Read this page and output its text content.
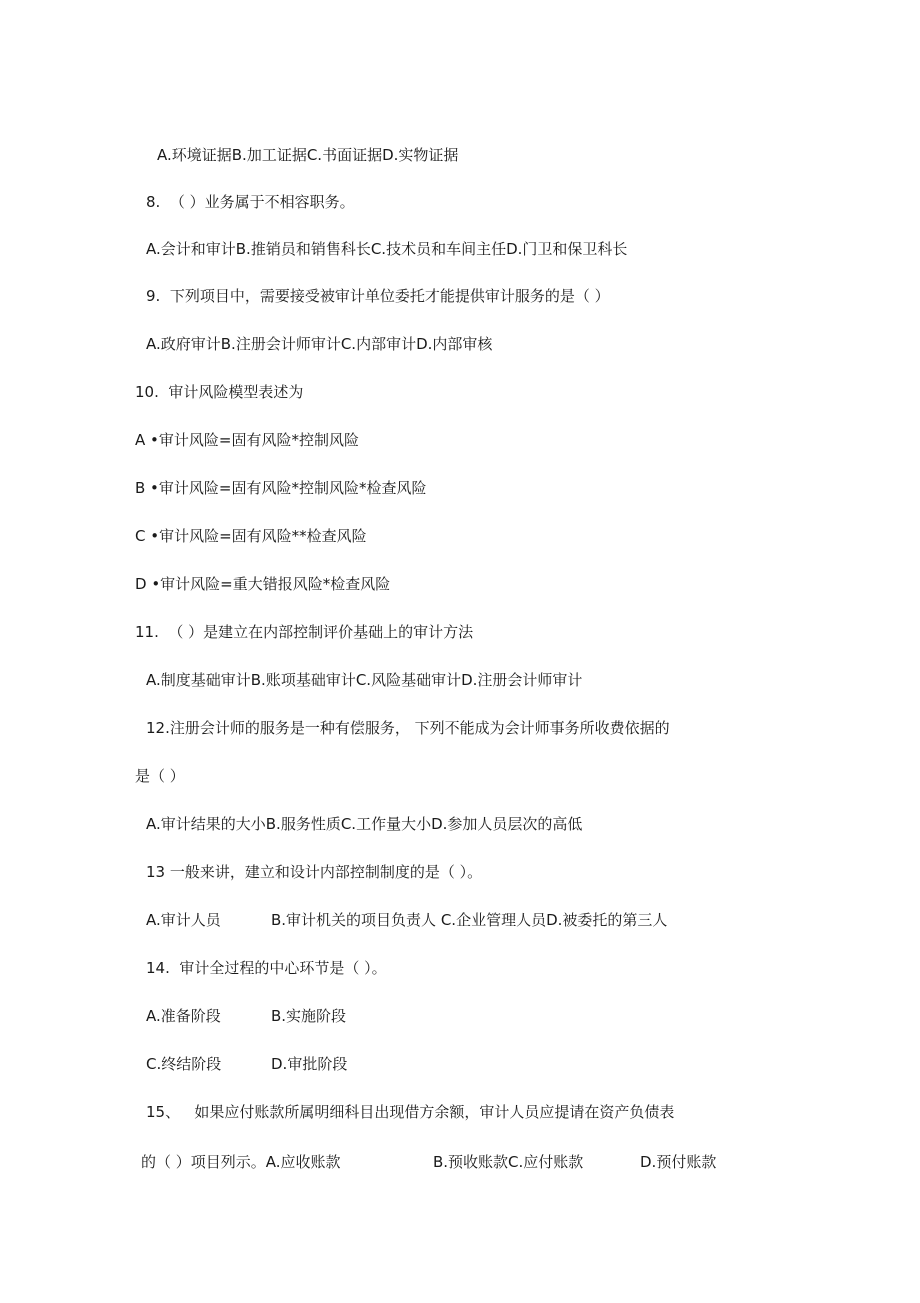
A.环境证据B.加工证据C.书面证据D.实物证据

8.  （ ）业务属于不相容职务。

A.会计和审计B.推销员和销售科长C.技术员和车间主任D.门卫和保卫科长

9.  下列项目中，需要接受被审计单位委托才能提供审计服务的是（ ）

A.政府审计B.注册会计师审计C.内部审计D.内部审核

10.  审计风险模型表述为

A •审计风险=固有风险*控制风险

B •审计风险=固有风险*控制风险*检查风险

C •审计风险=固有风险**检查风险

D •审计风险=重大错报风险*检查风险

11.  （ ）是建立在内部控制评价基础上的审计方法

A.制度基础审计B.账项基础审计C.风险基础审计D.注册会计师审计

12.注册会计师的服务是一种有偿服务， 下列不能成为会计师事务所收费依据的

是（ ）

A.审计结果的大小B.服务性质C.工作量大小D.参加人员层次的高低

13 一般来讲，建立和设计内部控制制度的是（ ）。

A.审计人员	B.审计机关的项目负责人 C.企业管理人员D.被委托的第三人

14.  审计全过程的中心环节是（ ）。

A.准备阶段	B.实施阶段
C.终结阶段	D.审批阶段

15、   如果应付账款所属明细科目出现借方余额，审计人员应提请在资产负债表

的（ ）项目列示。A.应收账款	B.预收账款C.应付账款	D.预付账款
